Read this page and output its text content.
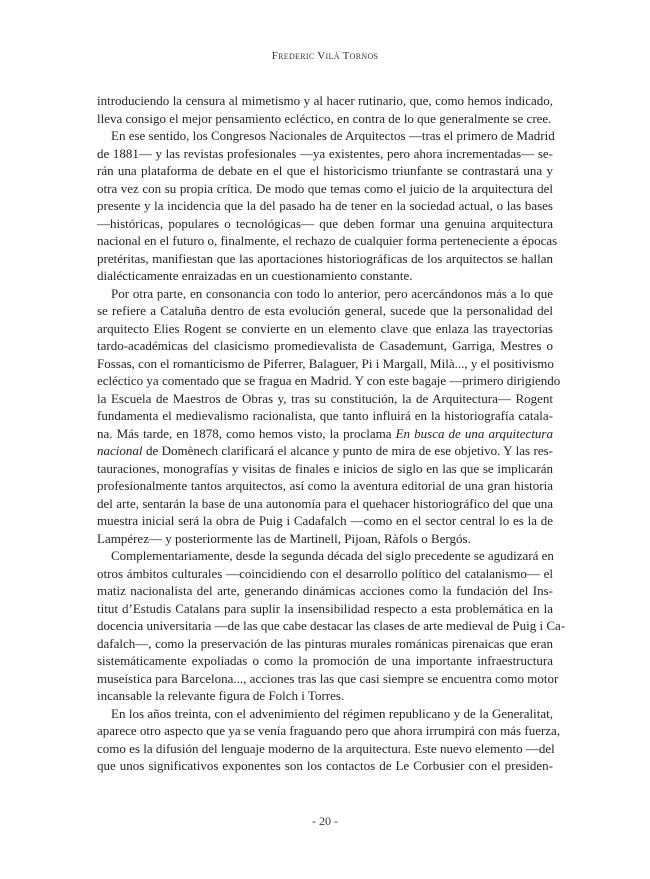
Frederic Vilà Tornos
introduciendo la censura al mimetismo y al hacer rutinario, que, como hemos indicado,
lleva consigo el mejor pensamiento ecléctico, en contra de lo que generalmente se cree.
En ese sentido, los Congresos Nacionales de Arquitectos —tras el primero de Madrid
de 1881— y las revistas profesionales —ya existentes, pero ahora incrementadas— se-
rán una plataforma de debate en el que el historicismo triunfante se contrastará una y
otra vez con su propia crítica. De modo que temas como el juicio de la arquitectura del
presente y la incidencia que la del pasado ha de tener en la sociedad actual, o las bases
—históricas, populares o tecnológicas— que deben formar una genuina arquitectura
nacional en el futuro o, finalmente, el rechazo de cualquier forma perteneciente a épocas
pretéritas, manifiestan que las aportaciones historiográficas de los arquitectos se hallan
dialécticamente enraizadas en un cuestionamiento constante.
Por otra parte, en consonancia con todo lo anterior, pero acercándonos más a lo que
se refiere a Cataluña dentro de esta evolución general, sucede que la personalidad del
arquitecto Elies Rogent se convierte en un elemento clave que enlaza las trayectorias
tardo-académicas del clasicismo promedievalista de Casademunt, Garriga, Mestres o
Fossas, con el romanticismo de Piferrer, Balaguer, Pi i Margall, Milà..., y el positivismo
ecléctico ya comentado que se fragua en Madrid. Y con este bagaje —primero dirigiendo
la Escuela de Maestros de Obras y, tras su constitución, la de Arquitectura— Rogent
fundamenta el medievalismo racionalista, que tanto influirá en la historiografía catala-
na. Más tarde, en 1878, como hemos visto, la proclama En busca de una arquitectura
nacional de Domènech clarificará el alcance y punto de mira de ese objetivo. Y las res-
tauraciones, monografías y visitas de finales e inicios de siglo en las que se implicarán
profesionalmente tantos arquitectos, así como la aventura editorial de una gran historia
del arte, sentarán la base de una autonomía para el quehacer historiográfico del que una
muestra inicial será la obra de Puig i Cadafalch —como en el sector central lo es la de
Lampérez— y posteriormente las de Martinell, Pijoan, Ràfols o Bergós.
Complementariamente, desde la segunda década del siglo precedente se agudizará en
otros ámbitos culturales —coincidiendo con el desarrollo político del catalanismo— el
matiz nacionalista del arte, generando dinámicas acciones como la fundación del Ins-
titut d’Estudis Catalans para suplir la insensibilidad respecto a esta problemática en la
docencia universitaria —de las que cabe destacar las clases de arte medieval de Puig i Ca-
dafalch—, como la preservación de las pinturas murales románicas pirenaicas que eran
sistemáticamente expoliadas o como la promoción de una importante infraestructura
museística para Barcelona..., acciones tras las que casi siempre se encuentra como motor
incansable la relevante figura de Folch i Torres.
En los años treinta, con el advenimiento del régimen republicano y de la Generalitat,
aparece otro aspecto que ya se venía fraguando pero que ahora irrumpirá con más fuerza,
como es la difusión del lenguaje moderno de la arquitectura. Este nuevo elemento —del
que unos significativos exponentes son los contactos de Le Corbusier con el presiden-
- 20 -
